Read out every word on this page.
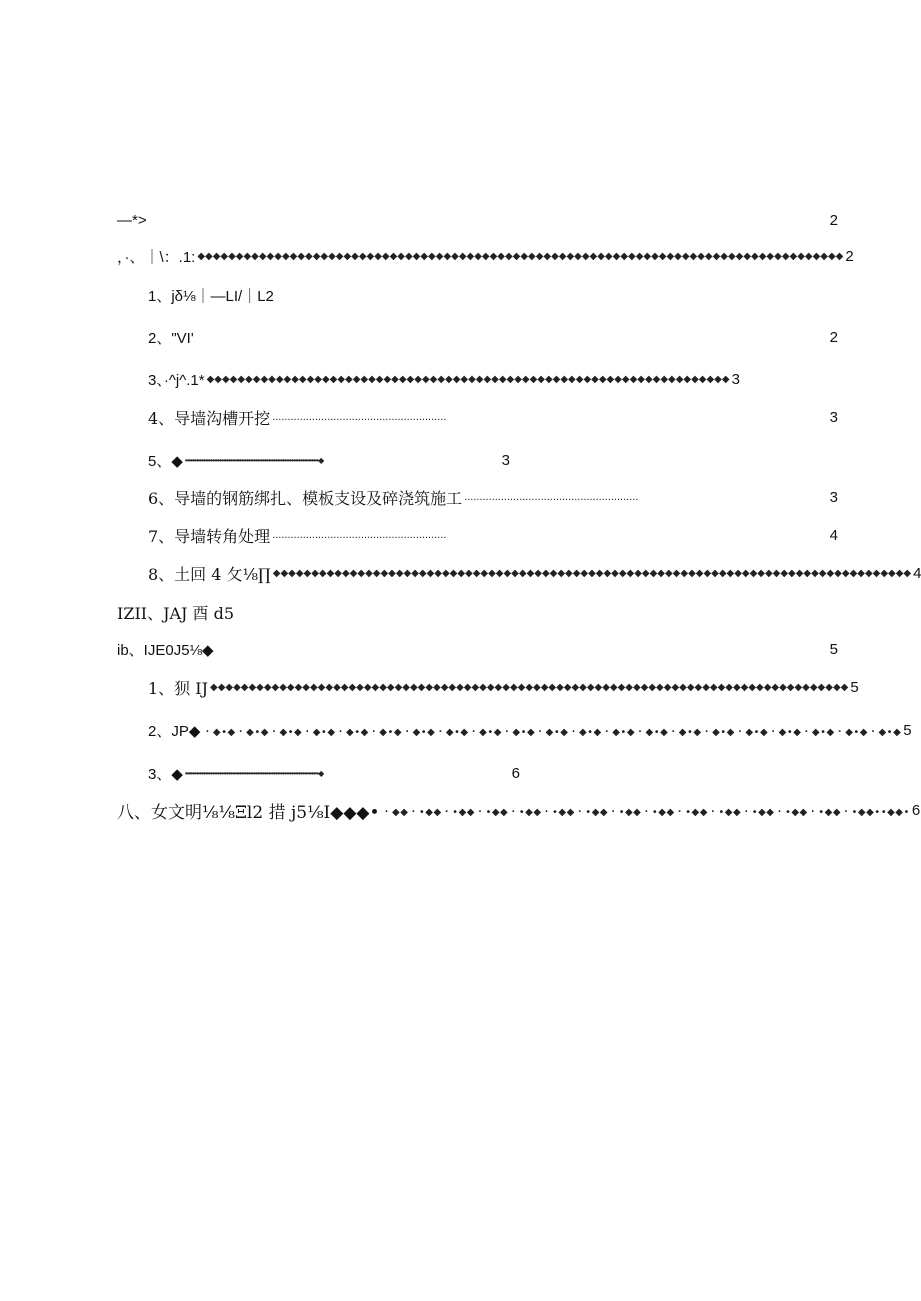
—*>	2
，·、｜\：.1: ◆◆◆◆◆◆◆◆◆◆◆◆◆◆◆◆◆◆◆◆◆◆◆◆◆◆◆◆◆◆◆◆◆◆◆◆◆◆◆◆◆◆◆◆◆◆◆◆◆◆◆◆◆◆◆◆◆◆◆◆◆◆◆◆◆◆◆◆◆◆◆◆◆◆◆◆◆◆◆◆◆◆◆◆ 2
1、jδ⅛｜—LI/｜L2
2、"VI'	2
3、·^j^.1* ◆◆◆◆◆◆◆◆◆◆◆◆◆◆◆◆◆◆◆◆◆◆◆◆◆◆◆◆◆◆◆◆◆◆◆◆◆◆◆◆◆◆◆◆◆◆◆◆◆◆◆◆◆◆◆◆◆◆◆◆◆◆◆◆◆◆◆◆ 3
4、导墙沟槽开挖 .........................................................	3
5、◆ ••••••••••••••••••••••••••••••••••••••••••••••••••••••••••••••••••••••••••◆	3
6、导墙的钢筋绑扎、模板支设及碎浇筑施工 .........................................................	3
7、导墙转角处理 .........................................................	4
8、土回 4 攵⅛∏ ◆◆◆◆◆◆◆◆◆◆◆◆◆◆◆◆◆◆◆◆◆◆◆◆◆◆◆◆◆◆◆◆◆◆◆◆◆◆◆◆◆◆◆◆◆◆◆◆◆◆◆◆◆◆◆◆◆◆◆◆◆◆◆◆◆◆◆◆◆◆◆◆◆◆◆◆◆◆◆◆◆◆◆ 4
IZII、JAJ 酉 d5
ib、IJE0J5⅛◆	5
1、狈 IJ ◆◆◆◆◆◆◆◆◆◆◆◆◆◆◆◆◆◆◆◆◆◆◆◆◆◆◆◆◆◆◆◆◆◆◆◆◆◆◆◆◆◆◆◆◆◆◆◆◆◆◆◆◆◆◆◆◆◆◆◆◆◆◆◆◆◆◆◆◆◆◆◆◆◆◆◆◆◆◆◆◆◆◆ 5
2、JP◆ ・◆•◆・◆•◆・◆•◆・◆•◆・◆•◆・◆•◆・◆•◆・◆•◆・◆•◆・◆•◆・◆•◆・◆•◆・◆•◆・◆•◆・◆•◆・◆•◆・◆•◆・◆•◆・◆•◆・◆•◆・◆•◆ 5
3、◆ ••••••••••••••••••••••••••••••••••••••••••••••••••••••••••••••••••••••••••◆	6
八、女文明⅛⅛Ξl2 措 j5⅛I◆◆◆• ・◆◆・•◆◆・•◆◆・•◆◆・•◆◆・•◆◆・•◆◆・•◆◆・•◆◆・•◆◆・•◆◆・•◆◆・•◆◆・•◆◆・•◆◆••◆◆• 6
